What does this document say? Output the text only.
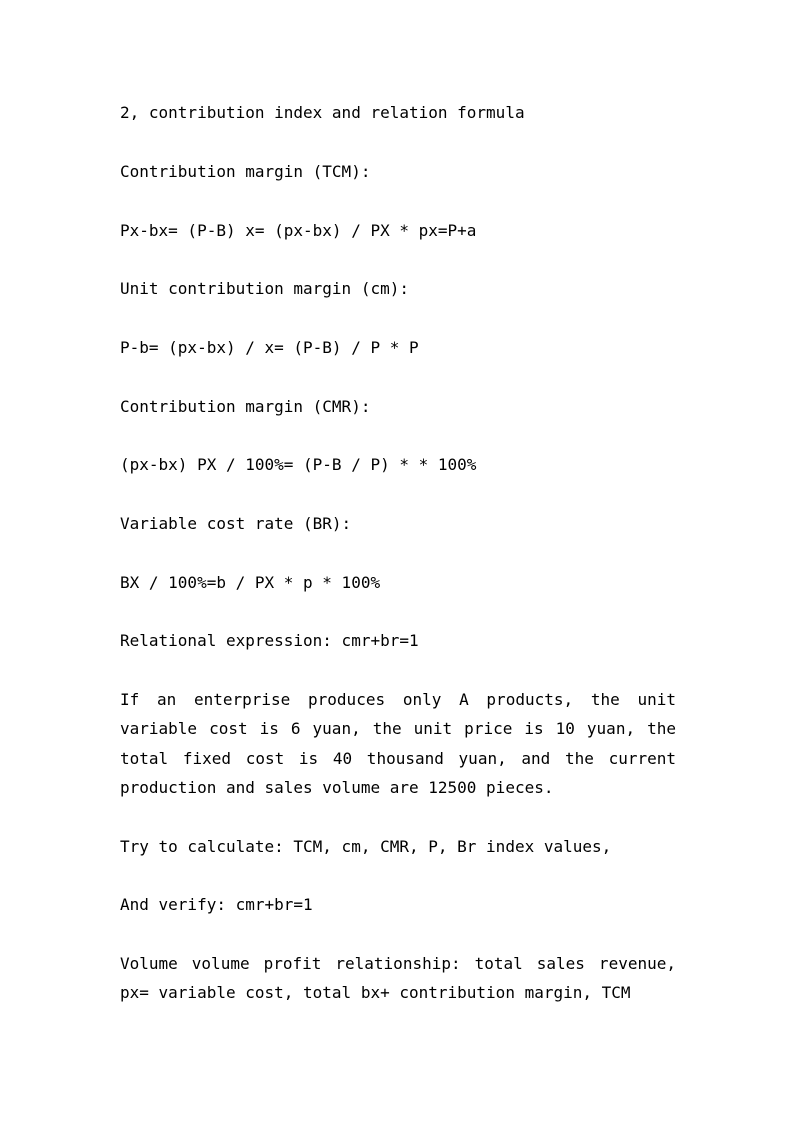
2, contribution index and relation formula

Contribution margin (TCM):

Px-bx= (P-B) x= (px-bx) / PX * px=P+a

Unit contribution margin (cm):

P-b= (px-bx) / x= (P-B) / P * P

Contribution margin (CMR):

(px-bx) PX / 100%= (P-B / P) * * 100%

Variable cost rate (BR):

BX / 100%=b / PX * p * 100%

Relational expression: cmr+br=1

If an enterprise produces only A products, the unit variable cost is 6 yuan, the unit price is 10 yuan, the total fixed cost is 40 thousand yuan, and the current production and sales volume are 12500 pieces.

Try to calculate: TCM, cm, CMR, P, Br index values,

And verify: cmr+br=1

Volume volume profit relationship: total sales revenue, px= variable cost, total bx+ contribution margin, TCM
